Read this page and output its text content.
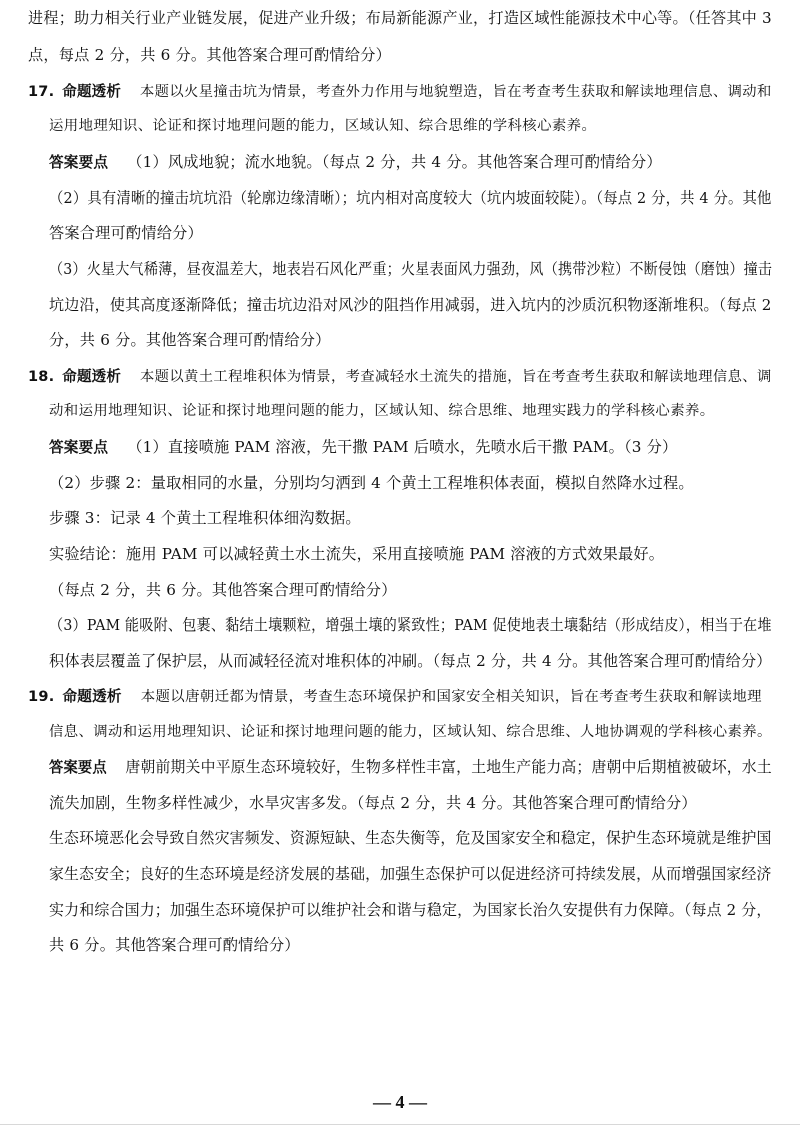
进程；助力相关行业产业链发展，促进产业升级；布局新能源产业，打造区域性能源技术中心等。（任答其中 3
点，每点 2 分，共 6 分。其他答案合理可酌情给分）
17. 命题透析 本题以火星撞击坑为情景，考查外力作用与地貌塑造，旨在考查考生获取和解读地理信息、调动和
运用地理知识、论证和探讨地理问题的能力，区域认知、综合思维的学科核心素养。
答案要点 （1）风成地貌；流水地貌。（每点 2 分，共 4 分。其他答案合理可酌情给分）
（2）具有清晰的撞击坑坑沿（轮廓边缘清晰）；坑内相对高度较大（坑内坡面较陡）。（每点 2 分，共 4 分。其他
答案合理可酌情给分）
（3）火星大气稀薄，昼夜温差大，地表岩石风化严重；火星表面风力强劲，风（携带沙粒）不断侵蚀（磨蚀）撞击
坑边沿，使其高度逐渐降低；撞击坑边沿对风沙的阻挡作用减弱，进入坑内的沙质沉积物逐渐堆积。（每点 2
分，共 6 分。其他答案合理可酌情给分）
18. 命题透析 本题以黄土工程堆积体为情景，考查减轻水土流失的措施，旨在考查考生获取和解读地理信息、调
动和运用地理知识、论证和探讨地理问题的能力，区域认知、综合思维、地理实践力的学科核心素养。
答案要点 （1）直接喷施 PAM 溶液，先干撒 PAM 后喷水，先喷水后干撒 PAM。（3 分）
（2）步骤 2：量取相同的水量，分别均匀洒到 4 个黄土工程堆积体表面，模拟自然降水过程。
步骤 3：记录 4 个黄土工程堆积体细沟数据。
实验结论：施用 PAM 可以减轻黄土水土流失，采用直接喷施 PAM 溶液的方式效果最好。
（每点 2 分，共 6 分。其他答案合理可酌情给分）
（3）PAM 能吸附、包裹、黏结土壤颗粒，增强土壤的紧致性；PAM 促使地表土壤黏结（形成结皮），相当于在堆
积体表层覆盖了保护层，从而减轻径流对堆积体的冲刷。（每点 2 分，共 4 分。其他答案合理可酌情给分）
19. 命题透析 本题以唐朝迁都为情景，考查生态环境保护和国家安全相关知识，旨在考查考生获取和解读地理
信息、调动和运用地理知识、论证和探讨地理问题的能力，区域认知、综合思维、人地协调观的学科核心素养。
答案要点 唐朝前期关中平原生态环境较好，生物多样性丰富，土地生产能力高；唐朝中后期植被破坏，水土
流失加剧，生物多样性减少，水旱灾害多发。（每点 2 分，共 4 分。其他答案合理可酌情给分）
生态环境恶化会导致自然灾害频发、资源短缺、生态失衡等，危及国家安全和稳定，保护生态环境就是维护国
家生态安全；良好的生态环境是经济发展的基础，加强生态保护可以促进经济可持续发展，从而增强国家经济
实力和综合国力；加强生态环境保护可以维护社会和谐与稳定，为国家长治久安提供有力保障。（每点 2 分，
共 6 分。其他答案合理可酌情给分）
— 4 —
